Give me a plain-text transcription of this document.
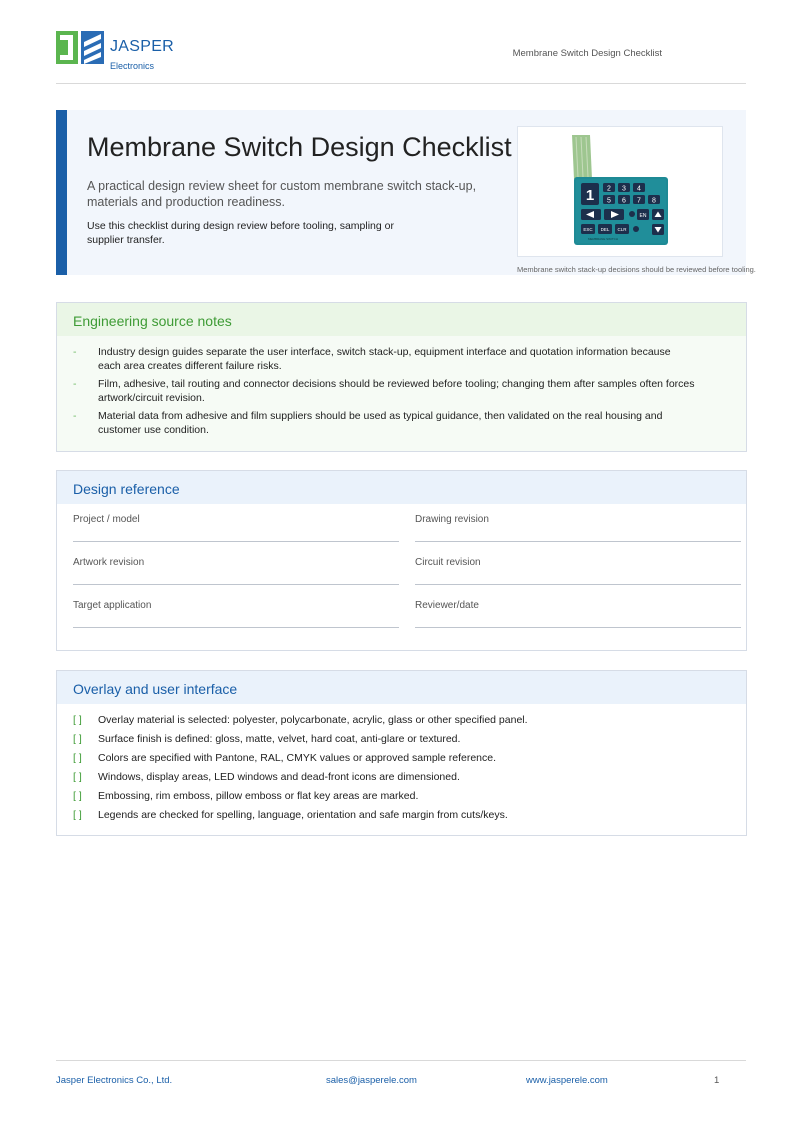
JASPER
Electronics
Membrane Switch Design Checklist
Membrane Switch Design Checklist

A practical design review sheet for custom membrane switch stack-up, materials and production readiness.

Use this checklist during design review before tooling, sampling or supplier transfer.

1 2 3 4
5 6 7 8
EN
ESC DEL CLR
MEMBRANE SWITCH
Membrane switch stack-up decisions should be reviewed before tooling.
Engineering source notes
- Industry design guides separate the user interface, switch stack-up, equipment interface and quotation information because each area creates different failure risks.
- Film, adhesive, tail routing and connector decisions should be reviewed before tooling; changing them after samples often forces artwork/circuit revision.
- Material data from adhesive and film suppliers should be used as typical guidance, then validated on the real housing and customer use condition.
Design reference
Project / model	Drawing revision
Artwork revision	Circuit revision
Target application	Reviewer/date
Overlay and user interface
[ ] Overlay material is selected: polyester, polycarbonate, acrylic, glass or other specified panel.
[ ] Surface finish is defined: gloss, matte, velvet, hard coat, anti-glare or textured.
[ ] Colors are specified with Pantone, RAL, CMYK values or approved sample reference.
[ ] Windows, display areas, LED windows and dead-front icons are dimensioned.
[ ] Embossing, rim emboss, pillow emboss or flat key areas are marked.
[ ] Legends are checked for spelling, language, orientation and safe margin from cuts/keys.
Jasper Electronics Co., Ltd.	sales@jasperele.com	www.jasperele.com	1
